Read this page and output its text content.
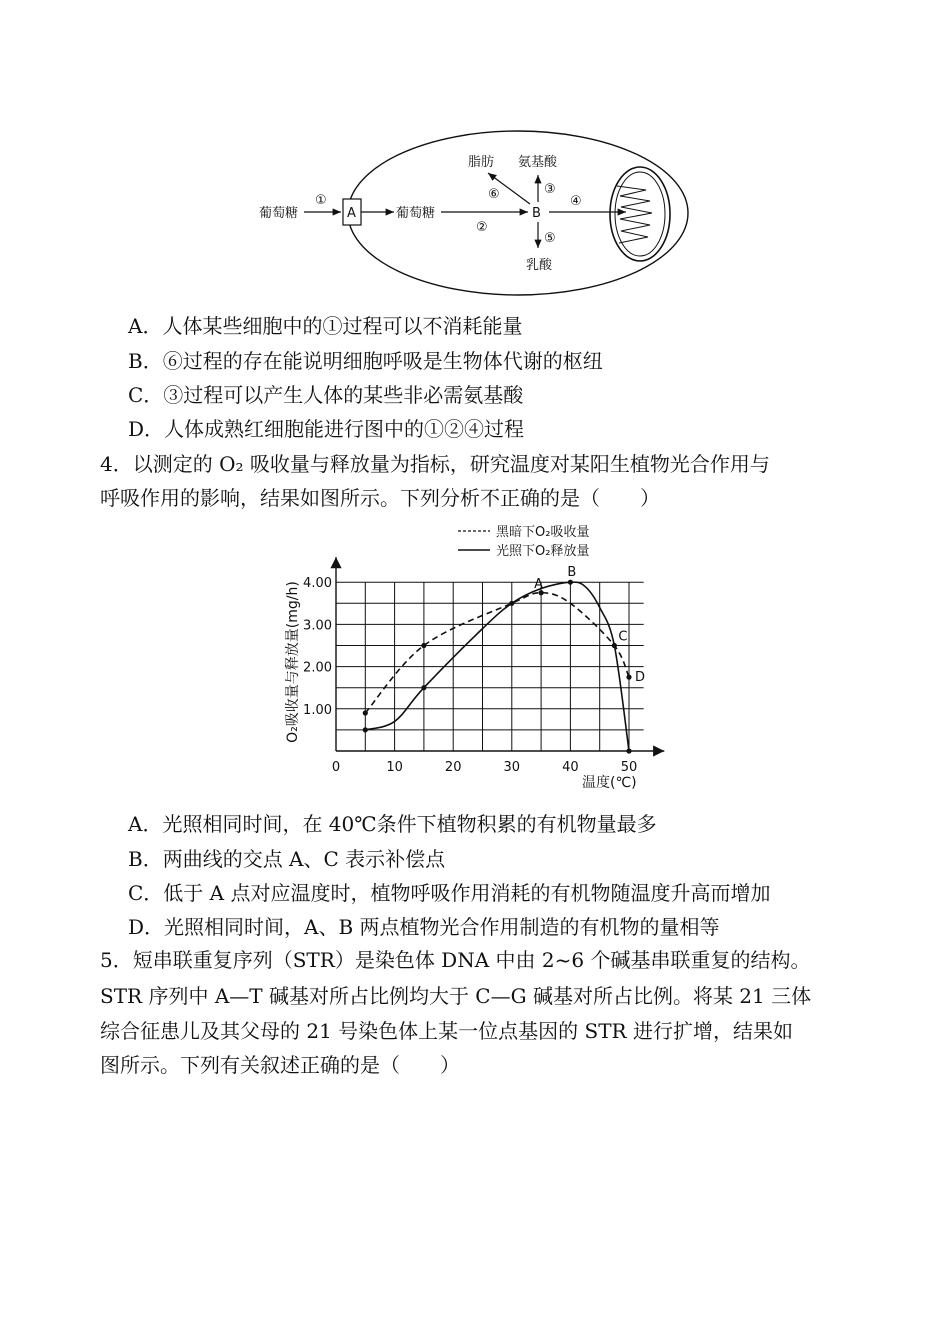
葡萄糖
①
A	葡萄糖
②
B
⑥
脂肪
③
氨基酸
⑤
乳酸
④
A．人体某些细胞中的①过程可以不消耗能量
B．⑥过程的存在能说明细胞呼吸是生物体代谢的枢纽
C．③过程可以产生人体的某些非必需氨基酸
D．人体成熟红细胞能进行图中的①②④过程
4．以测定的 O₂ 吸收量与释放量为指标，研究温度对某阳生植物光合作用与
呼吸作用的影响，结果如图所示。下列分析不正确的是（　　）
黑暗下O₂吸收量
光照下O₂释放量
0	10	20	30	40	50
1.00
2.00
3.00
4.00	A
B
C
D
O₂吸收量与释放量(mg/h)
温度(℃)
A．光照相同时间，在 40℃条件下植物积累的有机物量最多
B．两曲线的交点 A、C 表示补偿点
C．低于 A 点对应温度时，植物呼吸作用消耗的有机物随温度升高而增加
D．光照相同时间，A、B 两点植物光合作用制造的有机物的量相等
5．短串联重复序列（STR）是染色体 DNA 中由 2~6 个碱基串联重复的结构。
STR 序列中 A—T 碱基对所占比例均大于 C—G 碱基对所占比例。将某 21 三体
综合征患儿及其父母的 21 号染色体上某一位点基因的 STR 进行扩增，结果如
图所示。下列有关叙述正确的是（　　）
